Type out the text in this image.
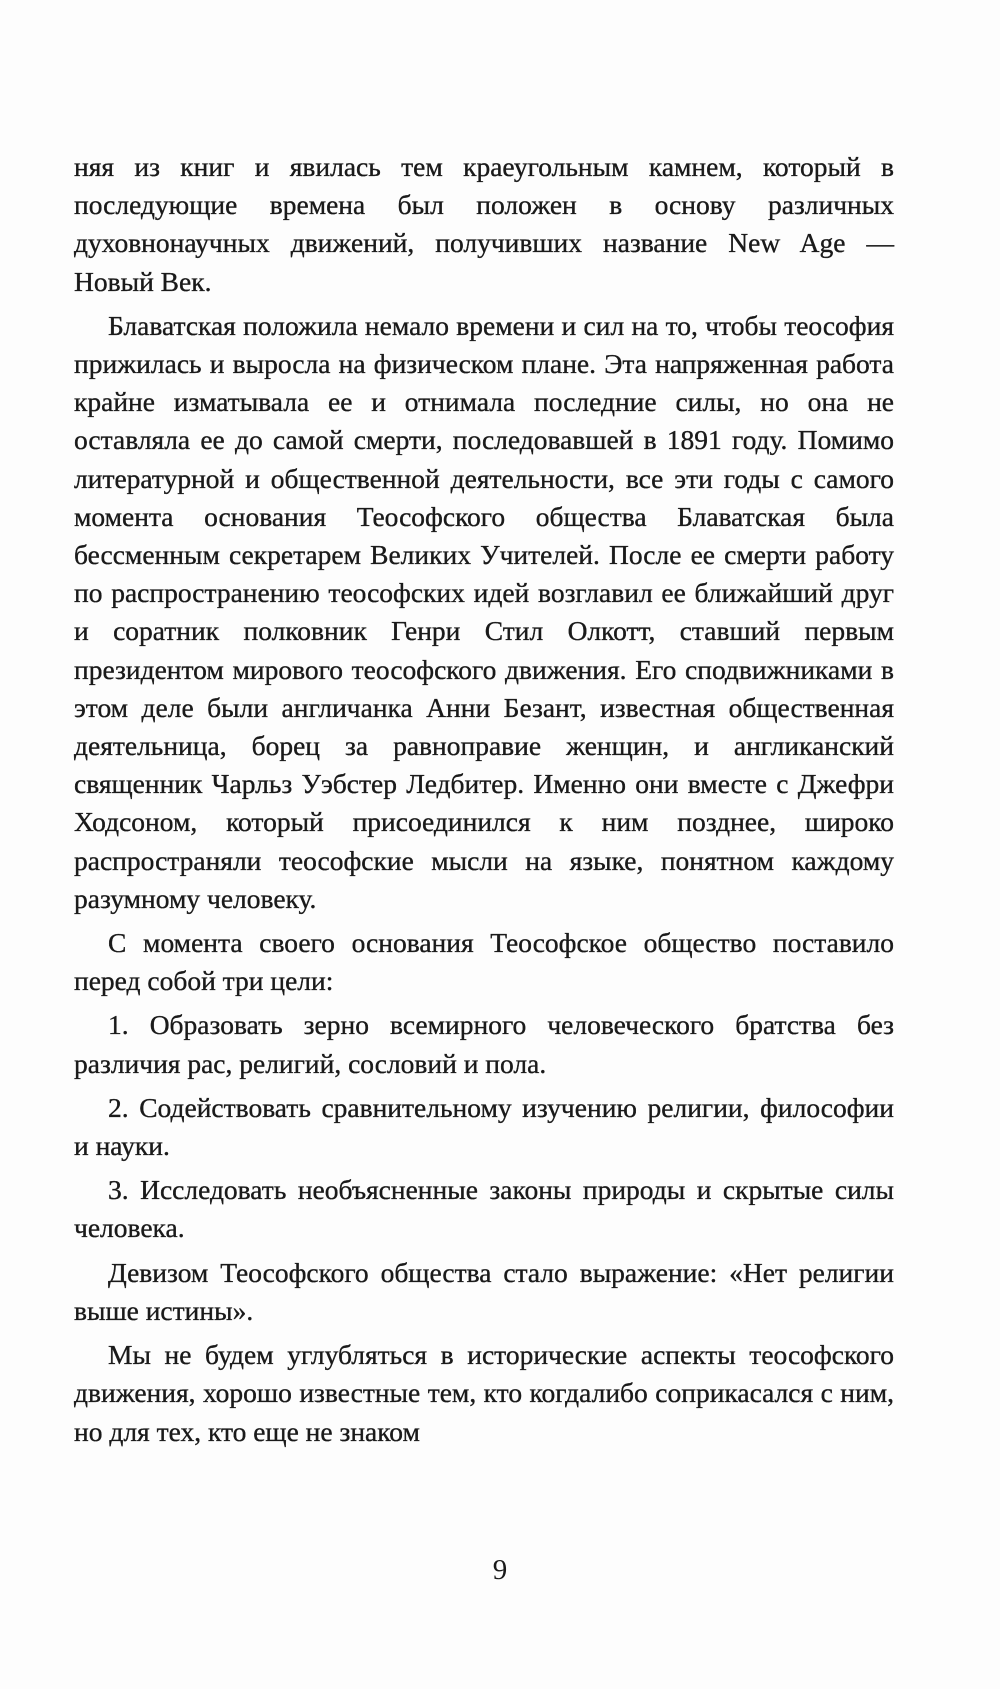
няя из книг и явилась тем краеугольным камнем, который в последующие времена был положен в основу различных духовнонаучных движений, получивших название New Age — Новый Век.

Блаватская положила немало времени и сил на то, чтобы теософия прижилась и выросла на физическом плане. Эта напряженная работа крайне изматывала ее и отнимала последние силы, но она не оставляла ее до самой смерти, последовавшей в 1891 году. Помимо литературной и общественной деятельности, все эти годы с самого момента основания Теософского общества Блаватская была бессменным секретарем Великих Учителей. После ее смерти работу по распространению теософских идей возглавил ее ближайший друг и соратник полковник Генри Стил Олкотт, ставший первым президентом мирового теософского движения. Его сподвижниками в этом деле были англичанка Анни Безант, известная общественная деятельница, борец за равноправие женщин, и англиканский священник Чарльз Уэбстер Ледбитер. Именно они вместе с Джефри Ходсоном, который присоединился к ним позднее, широко распространяли теософские мысли на языке, понятном каждому разумному человеку.

С момента своего основания Теософское общество поставило перед собой три цели:

1. Образовать зерно всемирного человеческого братства без различия рас, религий, сословий и пола.

2. Содействовать сравнительному изучению религии, философии и науки.

3. Исследовать необъясненные законы природы и скрытые силы человека.

Девизом Теософского общества стало выражение: «Нет религии выше истины».

Мы не будем углубляться в исторические аспекты теософского движения, хорошо известные тем, кто когдалибо соприкасался с ним, но для тех, кто еще не знаком

9
